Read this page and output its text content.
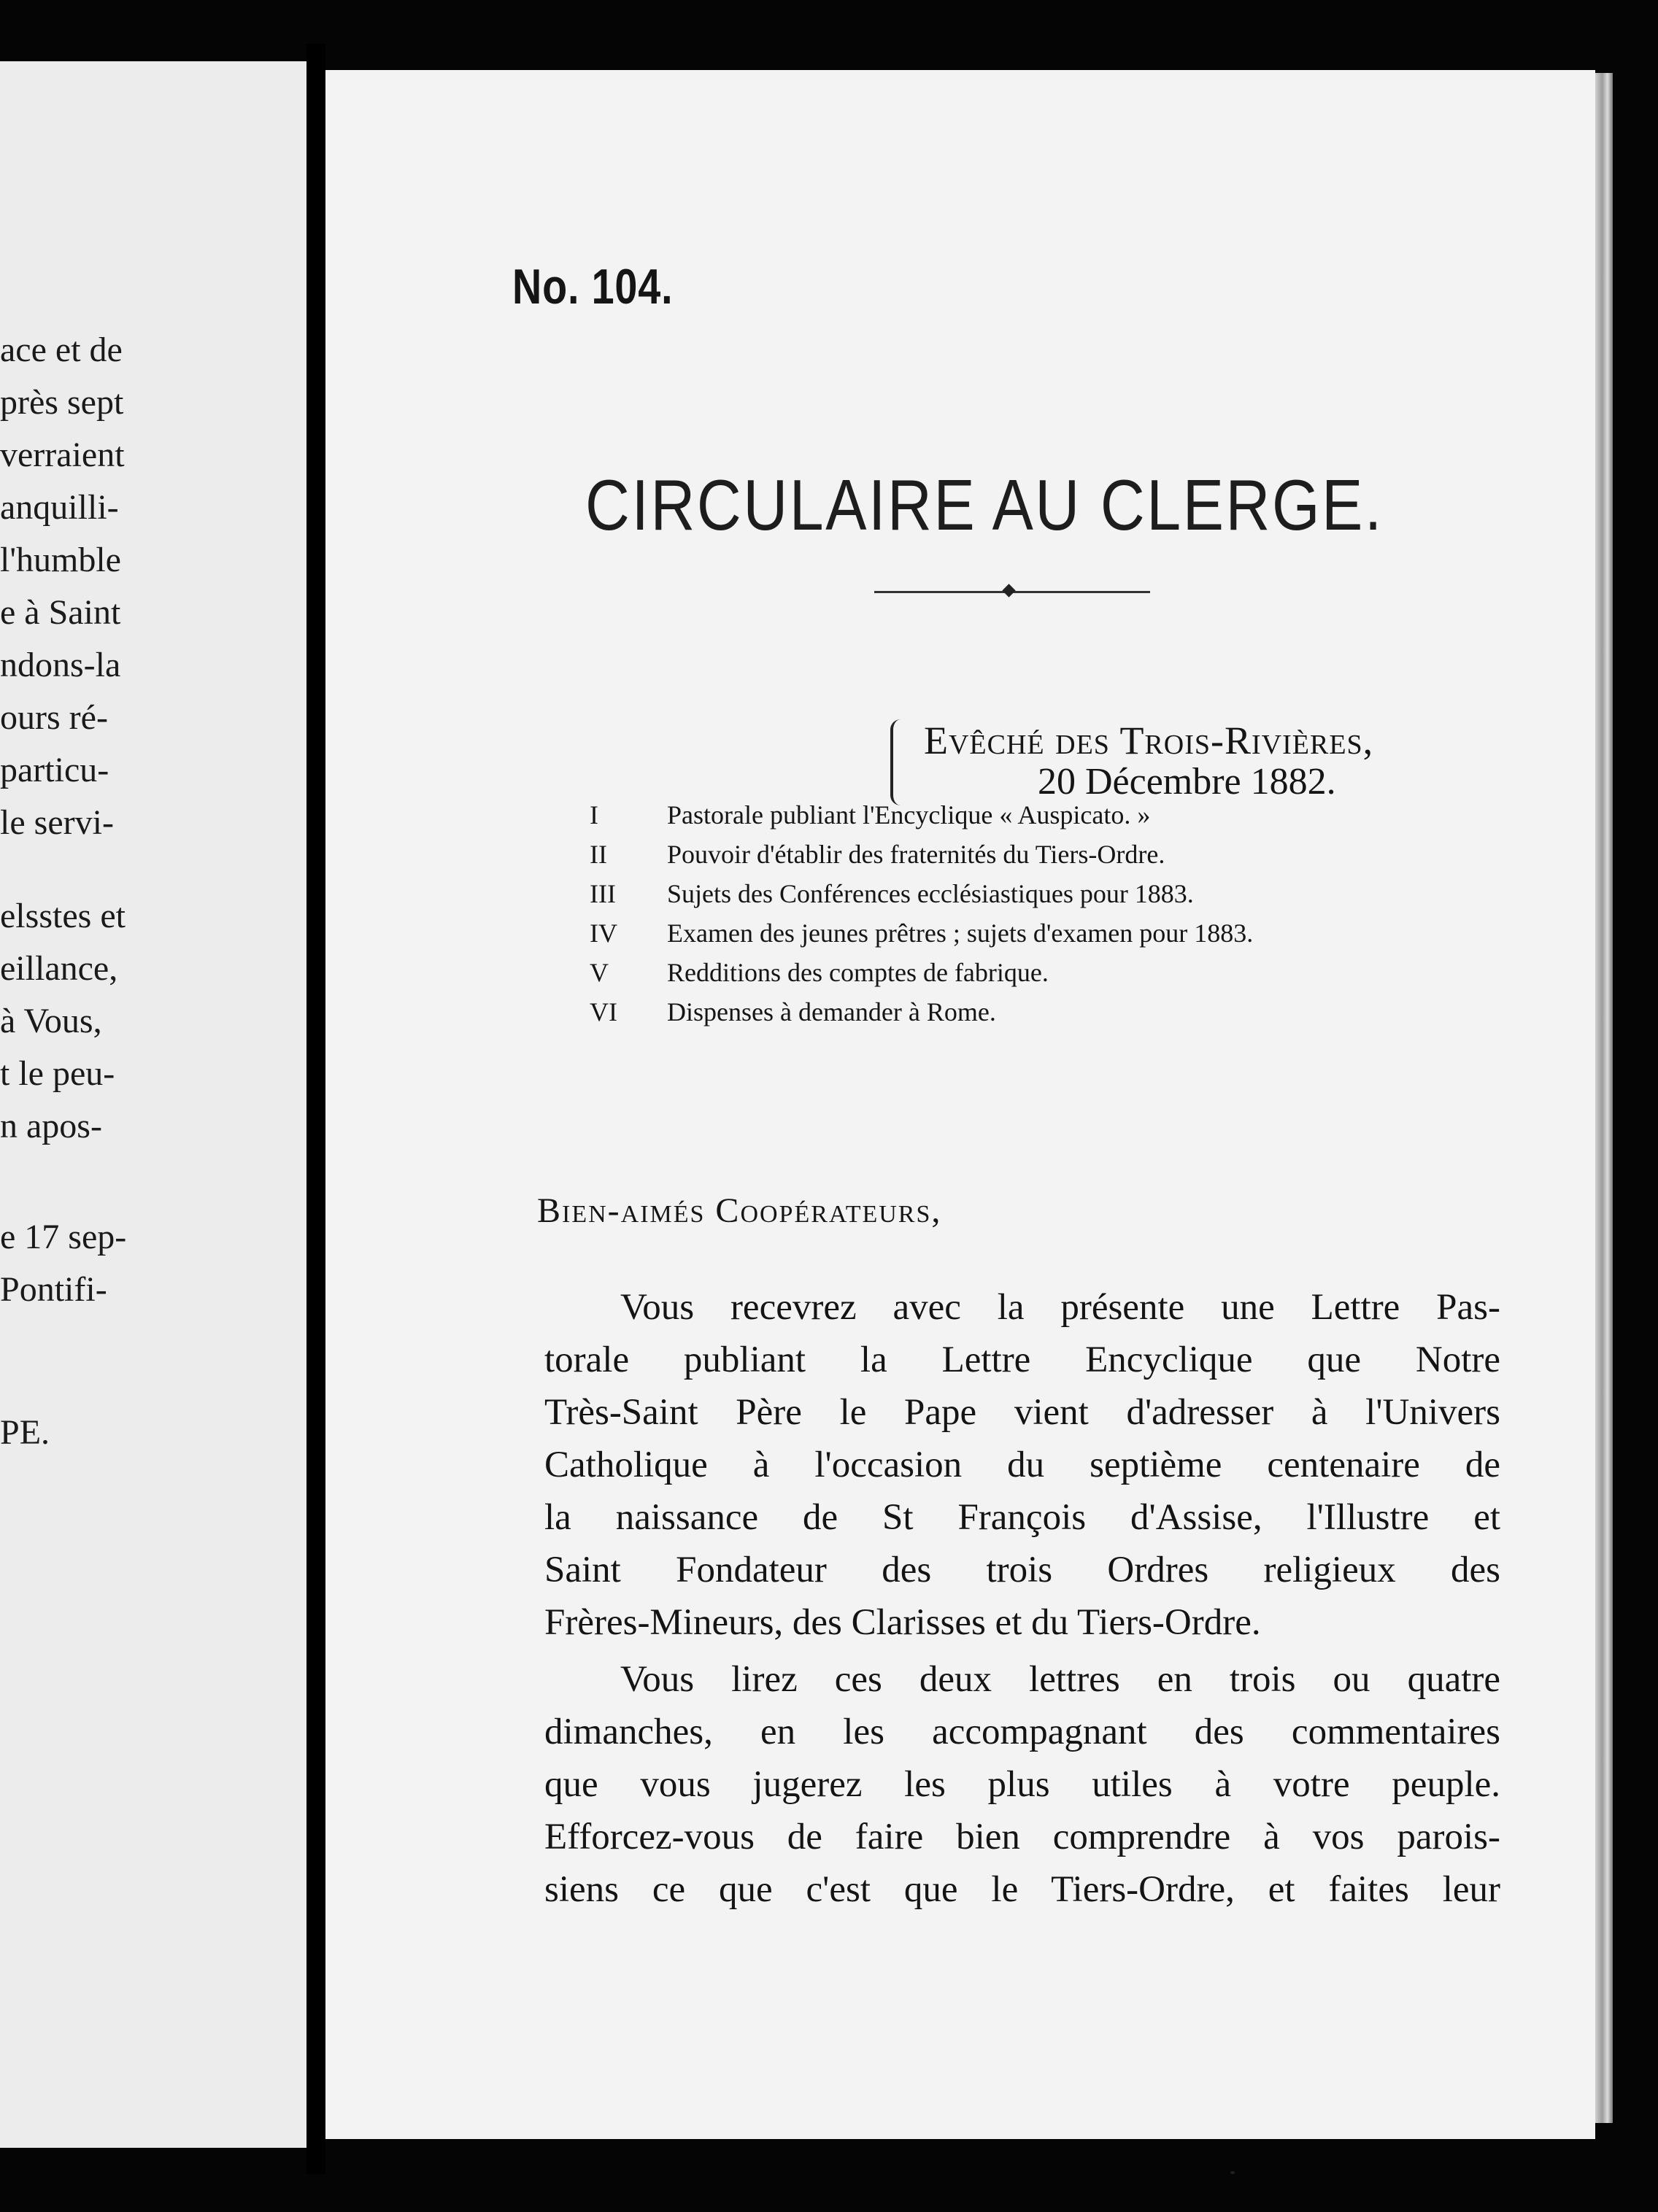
ace et de
près sept
verraient
anquilli-
l'humble
e à Saint
ndons-la
ours ré-
particu-
le servi-
elsstes et
eillance,
à Vous,
t le peu-
n apos-
e 17 sep-
Pontifi-
PE.
No. 104.
CIRCULAIRE AU CLERGE.
Evêché des Trois-Rivières,
20 Décembre 1882.
I	Pastorale publiant l'Encyclique « Auspicato. »
II Pouvoir d'établir des fraternités du Tiers-Ordre.
III Sujets des Conférences ecclésiastiques pour 1883.
IV Examen des jeunes prêtres ; sujets d'examen pour 1883.
V Redditions des comptes de fabrique.
VI Dispenses à demander à Rome.
Bien-aimés Coopérateurs,
Vous recevrez avec la présente une Lettre Pas-
torale publiant la Lettre Encyclique que Notre
Très-Saint Père le Pape vient d'adresser à l'Univers
Catholique à l'occasion du septième centenaire de
la naissance de St François d'Assise, l'Illustre et
Saint Fondateur des trois Ordres religieux des
Frères-Mineurs, des Clarisses et du Tiers-Ordre.
Vous lirez ces deux lettres en trois ou quatre
dimanches, en les accompagnant des commentaires
que vous jugerez les plus utiles à votre peuple.
Efforcez-vous de faire bien comprendre à vos parois-
siens ce que c'est que le Tiers-Ordre, et faites leur
